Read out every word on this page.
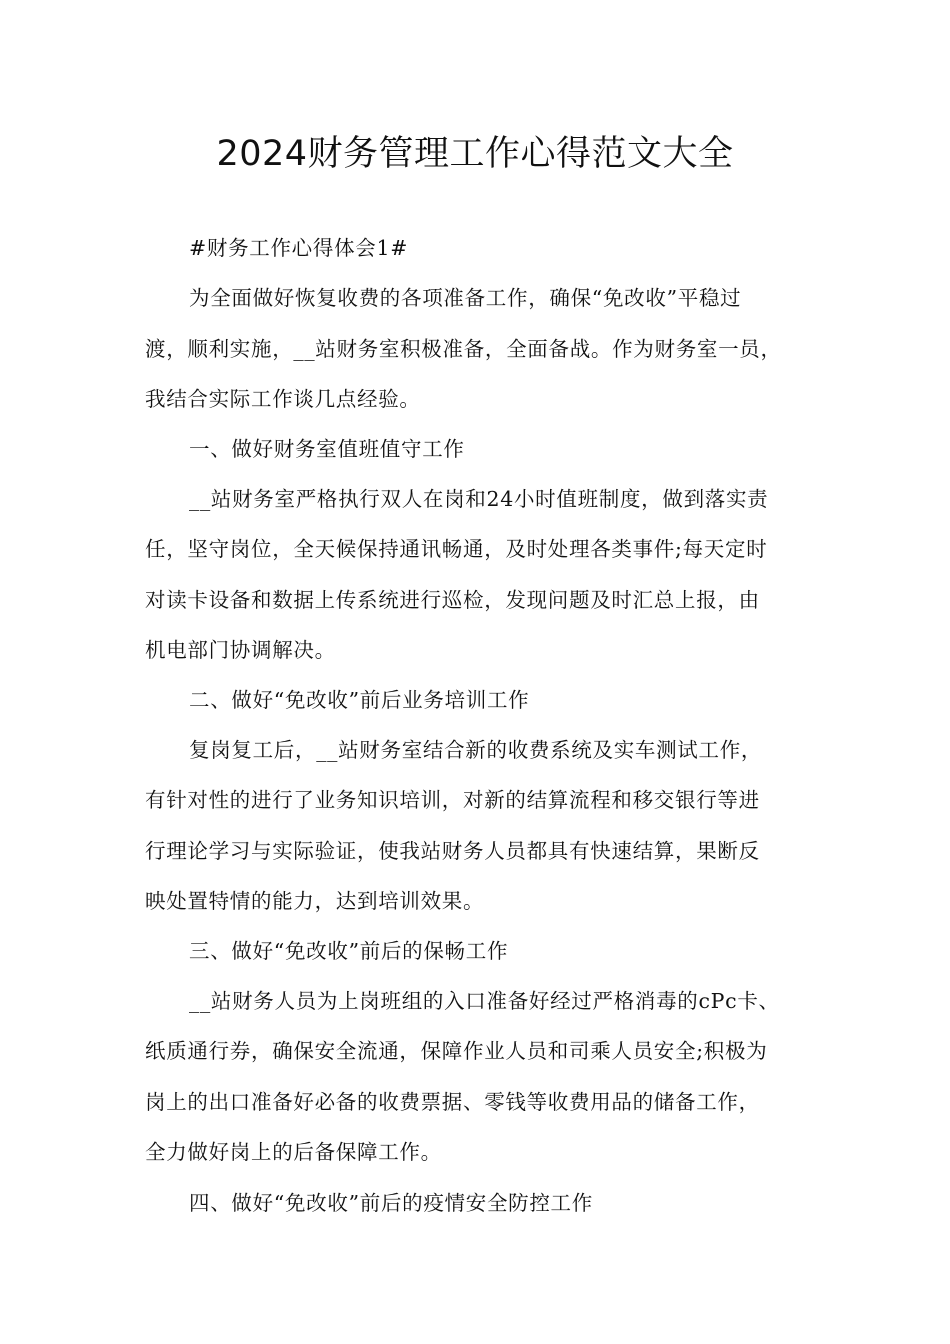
2024财务管理工作心得范文大全
#财务工作心得体会1#
为全面做好恢复收费的各项准备工作，确保“免改收”平稳过
渡，顺利实施，__站财务室积极准备，全面备战。作为财务室一员，
我结合实际工作谈几点经验。
一、做好财务室值班值守工作
__站财务室严格执行双人在岗和24小时值班制度，做到落实责
任，坚守岗位，全天候保持通讯畅通，及时处理各类事件;每天定时
对读卡设备和数据上传系统进行巡检，发现问题及时汇总上报，由
机电部门协调解决。
二、做好“免改收”前后业务培训工作
复岗复工后，__站财务室结合新的收费系统及实车测试工作，
有针对性的进行了业务知识培训，对新的结算流程和移交银行等进
行理论学习与实际验证，使我站财务人员都具有快速结算，果断反
映处置特情的能力，达到培训效果。
三、做好“免改收”前后的保畅工作
__站财务人员为上岗班组的入口准备好经过严格消毒的cPc卡、
纸质通行券，确保安全流通，保障作业人员和司乘人员安全;积极为
岗上的出口准备好必备的收费票据、零钱等收费用品的储备工作，
全力做好岗上的后备保障工作。
四、做好“免改收”前后的疫情安全防控工作
